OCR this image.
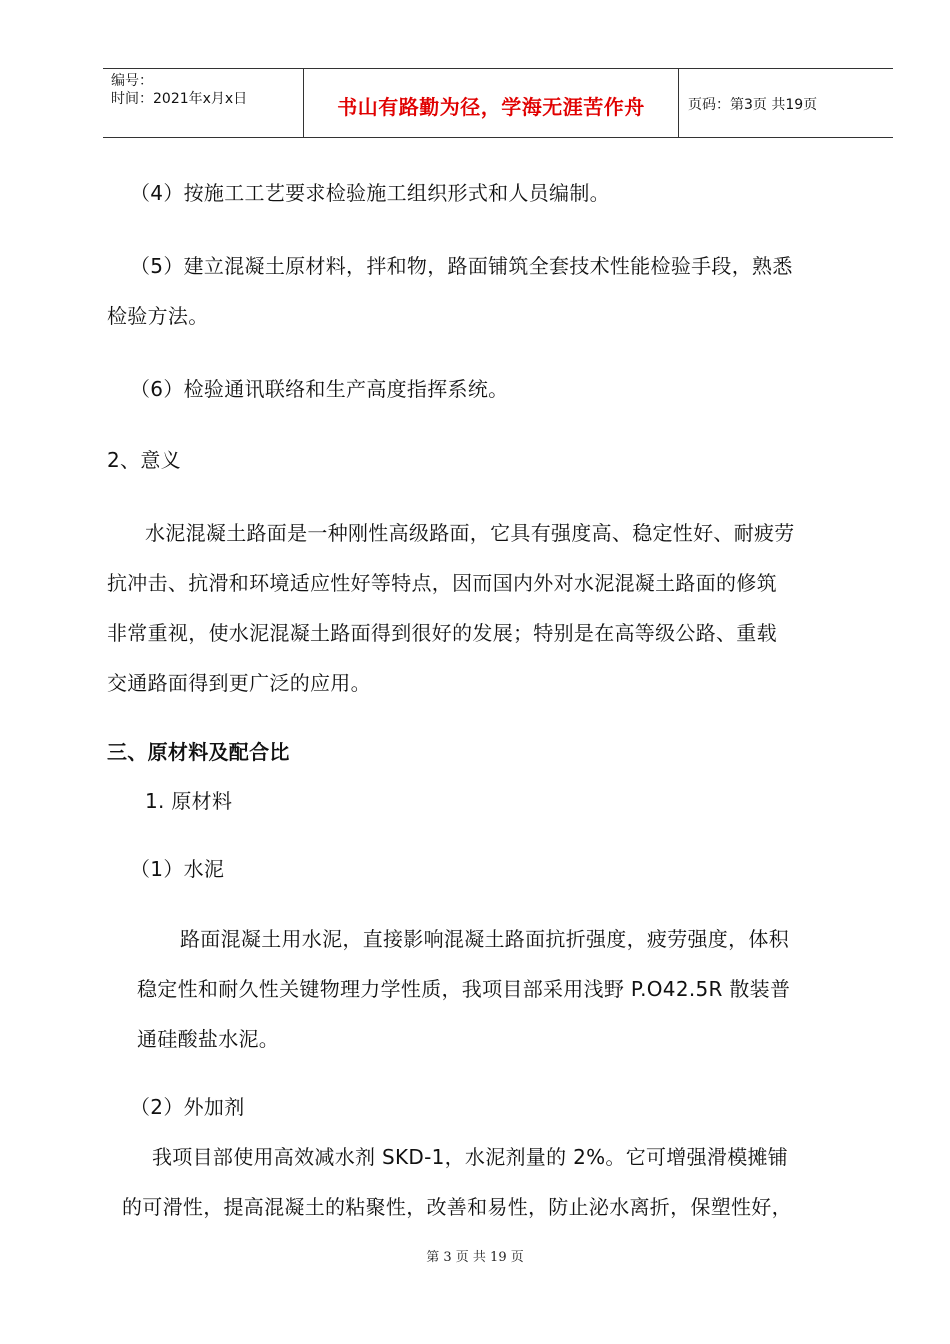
编号：
时间：2021年x月x日	书山有路勤为径，学海无涯苦作舟	页码：第3页 共19页
（4）按施工工艺要求检验施工组织形式和人员编制。
（5）建立混凝土原材料，拌和物，路面铺筑全套技术性能检验手段，熟悉
检验方法。
（6）检验通讯联络和生产高度指挥系统。
2、意义
水泥混凝土路面是一种刚性高级路面，它具有强度高、稳定性好、耐疲劳
抗冲击、抗滑和环境适应性好等特点，因而国内外对水泥混凝土路面的修筑
非常重视，使水泥混凝土路面得到很好的发展；特别是在高等级公路、重载
交通路面得到更广泛的应用。
三、原材料及配合比
1. 原材料
（1）水泥
路面混凝土用水泥，直接影响混凝土路面抗折强度，疲劳强度，体积
稳定性和耐久性关键物理力学性质，我项目部采用浅野 P.O42.5R 散装普
通硅酸盐水泥。
（2）外加剂
我项目部使用高效减水剂 SKD-1，水泥剂量的 2%。它可增强滑模摊铺
的可滑性，提高混凝土的粘聚性，改善和易性，防止泌水离折，保塑性好，
第 3 页 共 19 页
